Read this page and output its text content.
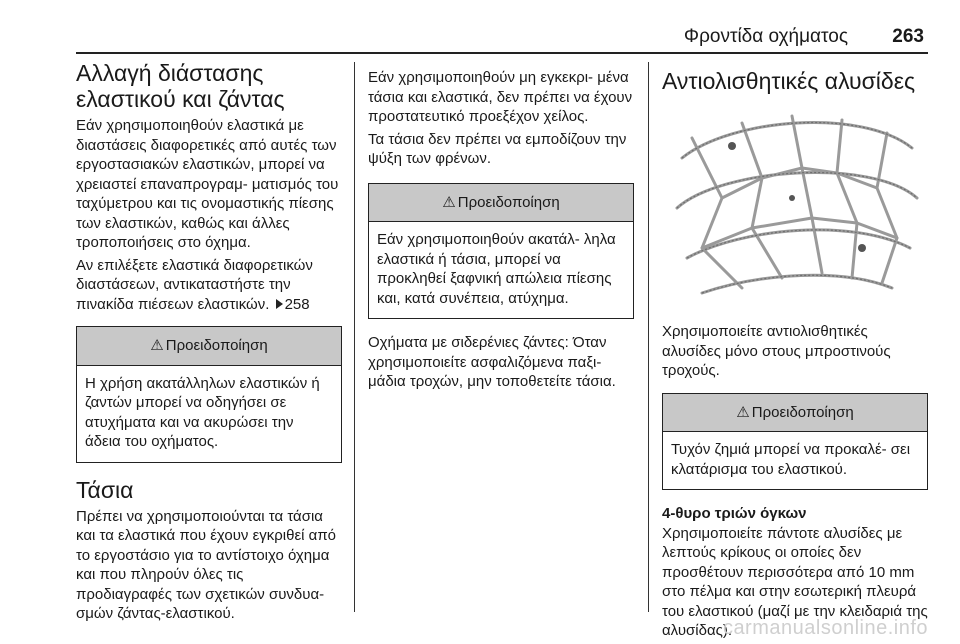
Φροντίδα οχήματος 263
Αλλαγή διάστασης ελαστικού και ζάντας

Εάν χρησιμοποιηθούν ελαστικά με διαστάσεις διαφορετικές από αυτές των εργοστασιακών ελαστικών, μπορεί να χρειαστεί επαναπρογραμ‐ ματισμός του ταχύμετρου και τις ονομαστικής πίεσης των ελαστικών, καθώς και άλλες τροποποιήσεις στο όχημα.

Αν επιλέξετε ελαστικά διαφορετικών διαστάσεων, αντικαταστήστε την πινακίδα πιέσεων ελαστικών. 258

⚠ Προειδοποίηση
Η χρήση ακατάλληλων ελαστικών ή ζαντών μπορεί να οδηγήσει σε ατυχήματα και να ακυρώσει την άδεια του οχήματος.
Τάσια

Πρέπει να χρησιμοποιούνται τα τάσια και τα ελαστικά που έχουν εγκριθεί από το εργοστάσιο για το αντίστοιχο όχημα και που πληρούν όλες τις προδιαγραφές των σχετικών συνδυα‐ σμών ζάντας-ελαστικού.

Εάν χρησιμοποιηθούν μη εγκεκρι‐ μένα τάσια και ελαστικά, δεν πρέπει να έχουν προστατευτικό προεξέχον χείλος.

Τα τάσια δεν πρέπει να εμποδίζουν την ψύξη των φρένων.

⚠ Προειδοποίηση
Εάν χρησιμοποιηθούν ακατάλ‐ ληλα ελαστικά ή τάσια, μπορεί να προκληθεί ξαφνική απώλεια πίεσης και, κατά συνέπεια, ατύχημα.

Οχήματα με σιδερένιες ζάντες: Όταν χρησιμοποιείτε ασφαλιζόμενα παξι‐ μάδια τροχών, μην τοποθετείτε τάσια.

Αντιολισθητικές αλυσίδες

Χρησιμοποιείτε αντιολισθητικές αλυσίδες μόνο στους μπροστινούς τροχούς.

⚠ Προειδοποίηση
Τυχόν ζημιά μπορεί να προκαλέ‐ σει κλατάρισμα του ελαστικού.
4-θυρο τριών όγκων

Χρησιμοποιείτε πάντοτε αλυσίδες με λεπτούς κρίκους οι οποίες δεν προσθέτουν περισσότερα από 10 mm στο πέλμα και στην εσωτερική πλευρά του ελαστικού (μαζί με την κλειδαριά της αλυσίδας).

carmanualsonline.info
